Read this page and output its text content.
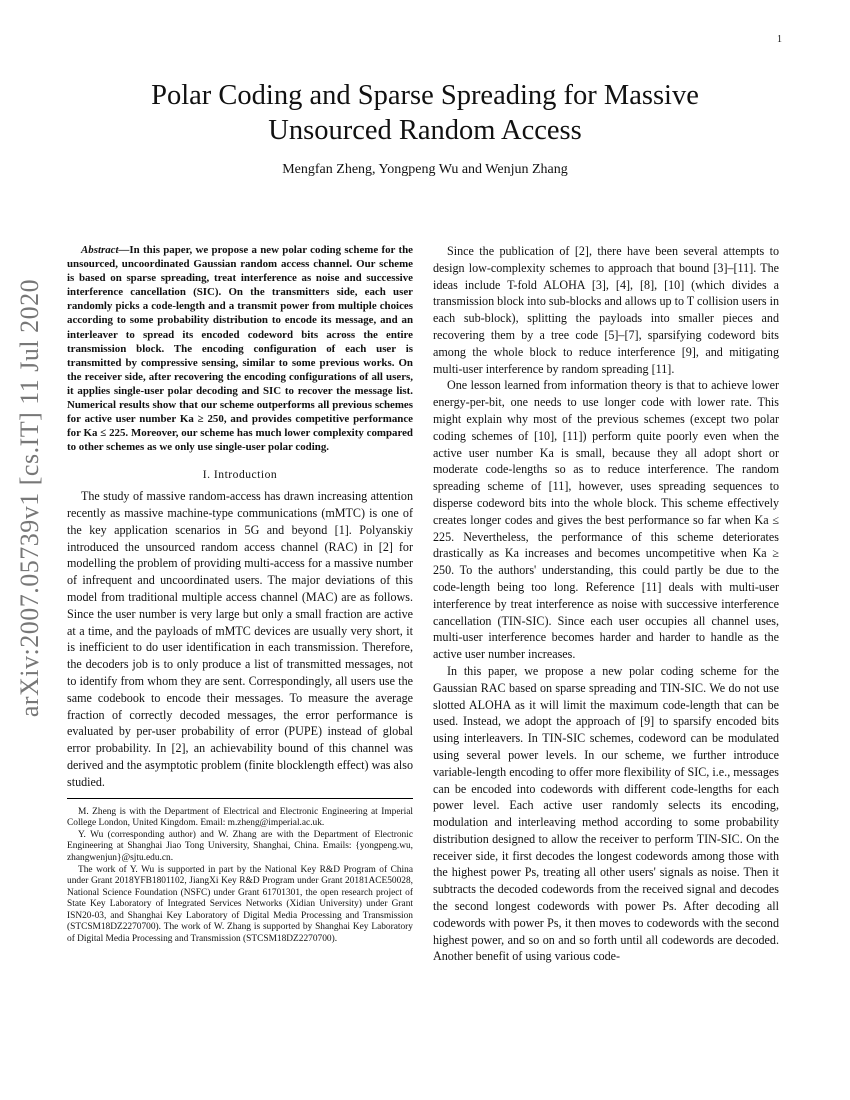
1
arXiv:2007.05739v1 [cs.IT] 11 Jul 2020
Polar Coding and Sparse Spreading for Massive
Unsourced Random Access
Mengfan Zheng, Yongpeng Wu and Wenjun Zhang

Abstract—In this paper, we propose a new polar coding scheme for the unsourced, uncoordinated Gaussian random access channel. Our scheme is based on sparse spreading, treat interference as noise and successive interference cancellation (SIC). On the transmitters side, each user randomly picks a code-length and a transmit power from multiple choices according to some probability distribution to encode its message, and an interleaver to spread its encoded codeword bits across the entire transmission block. The encoding configuration of each user is transmitted by compressive sensing, similar to some previous works. On the receiver side, after recovering the encoding configurations of all users, it applies single-user polar decoding and SIC to recover the message list. Numerical results show that our scheme outperforms all previous schemes for active user number Ka ≥ 250, and provides competitive performance for Ka ≤ 225. Moreover, our scheme has much lower complexity compared to other schemes as we only use single-user polar coding.

I. Introduction

The study of massive random-access has drawn increasing attention recently as massive machine-type communications (mMTC) is one of the key application scenarios in 5G and beyond [1]. Polyanskiy introduced the unsourced random access channel (RAC) in [2] for modelling the problem of providing multi-access for a massive number of infrequent and uncoordinated users. The major deviations of this model from traditional multiple access channel (MAC) are as follows. Since the user number is very large but only a small fraction are active at a time, and the payloads of mMTC devices are usually very short, it is inefficient to do user identification in each transmission. Therefore, the decoders job is to only produce a list of transmitted messages, not to identify from whom they are sent. Correspondingly, all users use the same codebook to encode their messages. To measure the average fraction of correctly decoded messages, the error performance is evaluated by per-user probability of error (PUPE) instead of global error probability. In [2], an achievability bound of this channel was derived and the asymptotic problem (finite blocklength effect) was also studied.

M. Zheng is with the Department of Electrical and Electronic Engineering at Imperial College London, United Kingdom. Email: m.zheng@imperial.ac.uk.

Y. Wu (corresponding author) and W. Zhang are with the Department of Electronic Engineering at Shanghai Jiao Tong University, Shanghai, China. Emails: {yongpeng.wu, zhangwenjun}@sjtu.edu.cn.

The work of Y. Wu is supported in part by the National Key R&D Program of China under Grant 2018YFB1801102, JiangXi Key R&D Program under Grant 20181ACE50028, National Science Foundation (NSFC) under Grant 61701301, the open research project of State Key Laboratory of Integrated Services Networks (Xidian University) under Grant ISN20-03, and Shanghai Key Laboratory of Digital Media Processing and Transmission (STCSM18DZ2270700). The work of W. Zhang is supported by Shanghai Key Laboratory of Digital Media Processing and Transmission (STCSM18DZ2270700).

Since the publication of [2], there have been several attempts to design low-complexity schemes to approach that bound [3]–[11]. The ideas include T-fold ALOHA [3], [4], [8], [10] (which divides a transmission block into sub-blocks and allows up to T collision users in each sub-block), splitting the payloads into smaller pieces and recovering them by a tree code [5]–[7], sparsifying codeword bits among the whole block to reduce interference [9], and mitigating multi-user interference by random spreading [11].

One lesson learned from information theory is that to achieve lower energy-per-bit, one needs to use longer code with lower rate. This might explain why most of the previous schemes (except two polar coding schemes of [10], [11]) perform quite poorly even when the active user number Ka is small, because they all adopt short or moderate code-lengths so as to reduce interference. The random spreading scheme of [11], however, uses spreading sequences to disperse codeword bits into the whole block. This scheme effectively creates longer codes and gives the best performance so far when Ka ≤ 225. Nevertheless, the performance of this scheme deteriorates drastically as Ka increases and becomes uncompetitive when Ka ≥ 250. To the authors' understanding, this could partly be due to the code-length being too long. Reference [11] deals with multi-user interference by treat interference as noise with successive interference cancellation (TIN-SIC). Since each user occupies all channel uses, multi-user interference becomes harder and harder to handle as the active user number increases.

In this paper, we propose a new polar coding scheme for the Gaussian RAC based on sparse spreading and TIN-SIC. We do not use slotted ALOHA as it will limit the maximum code-length that can be used. Instead, we adopt the approach of [9] to sparsify encoded bits using interleavers. In TIN-SIC schemes, codeword can be modulated using several power levels. In our scheme, we further introduce variable-length encoding to offer more flexibility of SIC, i.e., messages can be encoded into codewords with different code-lengths for each power level. Each active user randomly selects its encoding, modulation and interleaving method according to some probability distribution designed to allow the receiver to perform TIN-SIC. On the receiver side, it first decodes the longest codewords among those with the highest power Ps, treating all other users' signals as noise. Then it subtracts the decoded codewords from the received signal and decodes the second longest codewords with power Ps. After decoding all codewords with power Ps, it then moves to codewords with the second highest power, and so on and so forth until all codewords are decoded. Another benefit of using various code-
